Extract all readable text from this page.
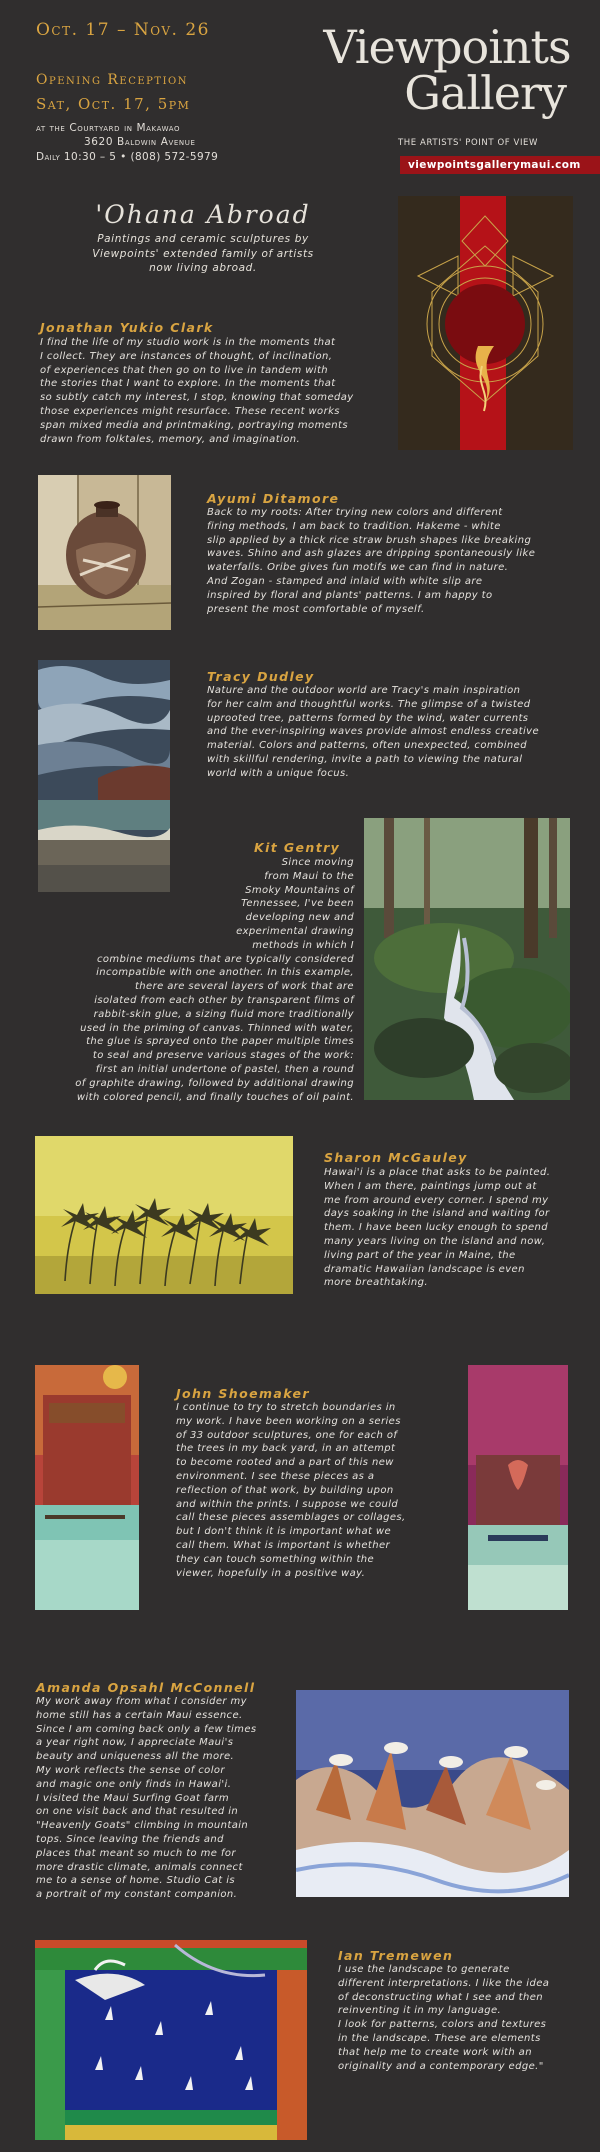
Oct. 17 – Nov. 26
Opening Reception
Sat, Oct. 17, 5pm
at the Courtyard in Makawao
3620 Baldwin Avenue
Daily 10:30 – 5 • (808) 572-5979
Viewpoints
Gallery
THE ARTISTS' POINT OF VIEW
viewpointsgallerymaui.com
'Ohana Abroad
Paintings and ceramic sculptures by
Viewpoints' extended family of artists
now living abroad.
Jonathan Yukio Clark
I find the life of my studio work is in the moments that
I collect. They are instances of thought, of inclination,
of experiences that then go on to live in tandem with
the stories that I want to explore. In the moments that
so subtly catch my interest, I stop, knowing that someday
those experiences might resurface. These recent works
span mixed media and printmaking, portraying moments
drawn from folktales, memory, and imagination.
Ayumi Ditamore
Back to my roots: After trying new colors and different
firing methods, I am back to tradition. Hakeme - white
slip applied by a thick rice straw brush shapes like breaking
waves. Shino and ash glazes are dripping spontaneously like
waterfalls. Oribe gives fun motifs we can find in nature.
And Zogan - stamped and inlaid with white slip are
inspired by floral and plants' patterns. I am happy to
present the most comfortable of myself.
Tracy Dudley
Nature and the outdoor world are Tracy's main inspiration
for her calm and thoughtful works. The glimpse of a twisted
uprooted tree, patterns formed by the wind, water currents
and the ever-inspiring waves provide almost endless creative
material. Colors and patterns, often unexpected, combined
with skillful rendering, invite a path to viewing the natural
world with a unique focus.
Kit Gentry
Since moving
from Maui to the
Smoky Mountains of
Tennessee, I've been
developing new and
experimental drawing
methods in which I
combine mediums that are typically considered
incompatible with one another. In this example,
there are several layers of work that are
isolated from each other by transparent films of
rabbit-skin glue, a sizing fluid more traditionally
used in the priming of canvas. Thinned with water,
the glue is sprayed onto the paper multiple times
to seal and preserve various stages of the work:
first an initial undertone of pastel, then a round
of graphite drawing, followed by additional drawing
with colored pencil, and finally touches of oil paint.
Sharon McGauley
Hawai'i is a place that asks to be painted.
When I am there, paintings jump out at
me from around every corner. I spend my
days soaking in the island and waiting for
them. I have been lucky enough to spend
many years living on the island and now,
living part of the year in Maine, the
dramatic Hawaiian landscape is even
more breathtaking.
John Shoemaker
I continue to try to stretch boundaries in
my work. I have been working on a series
of 33 outdoor sculptures, one for each of
the trees in my back yard, in an attempt
to become rooted and a part of this new
environment. I see these pieces as a
reflection of that work, by building upon
and within the prints. I suppose we could
call these pieces assemblages or collages,
but I don't think it is important what we
call them. What is important is whether
they can touch something within the
viewer, hopefully in a positive way.
Amanda Opsahl McConnell
My work away from what I consider my
home still has a certain Maui essence.
Since I am coming back only a few times
a year right now, I appreciate Maui's
beauty and uniqueness all the more.
My work reflects the sense of color
and magic one only finds in Hawai'i.
I visited the Maui Surfing Goat farm
on one visit back and that resulted in
"Heavenly Goats" climbing in mountain
tops. Since leaving the friends and
places that meant so much to me for
more drastic climate, animals connect
me to a sense of home. Studio Cat is
a portrait of my constant companion.
Ian Tremewen
I use the landscape to generate
different interpretations. I like the idea
of deconstructing what I see and then
reinventing it in my language.
I look for patterns, colors and textures
in the landscape. These are elements
that help me to create work with an
originality and a contemporary edge."
